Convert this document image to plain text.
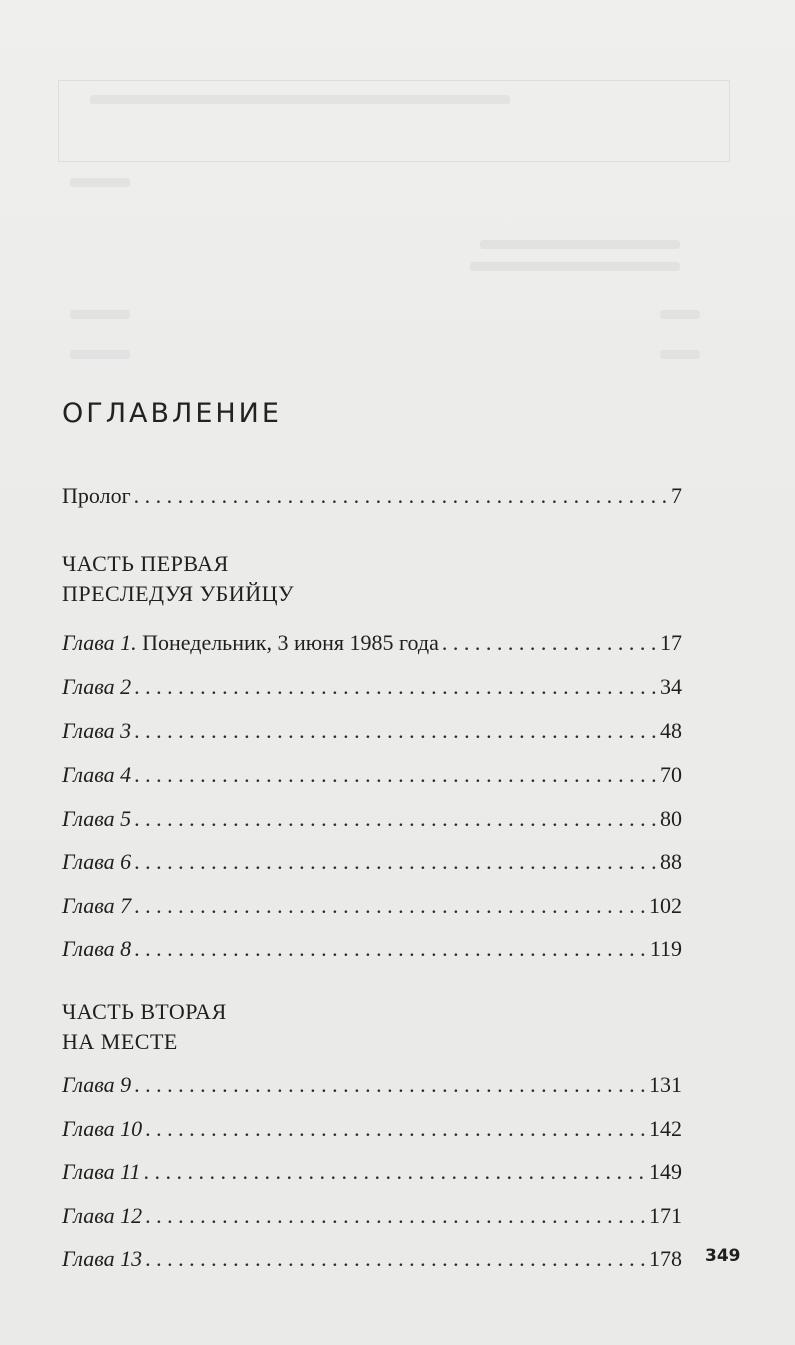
ОГЛАВЛЕНИЕ
Пролог . . .	7
ЧАСТЬ ПЕРВАЯ
ПРЕСЛЕДУЯ УБИЙЦУ
Глава 1. Понедельник, 3 июня 1985 года . . .	17
Глава 2 . . .	34
Глава 3 . . .	48
Глава 4 . . .	70
Глава 5 . . .	80
Глава 6 . . .	88
Глава 7 . . .	102
Глава 8 . . .	119
ЧАСТЬ ВТОРАЯ
НА МЕСТЕ
Глава 9 . . .	131
Глава 10 . . .	142
Глава 11 . . .	149
Глава 12 . . .	171
Глава 13 . . .	178 349
